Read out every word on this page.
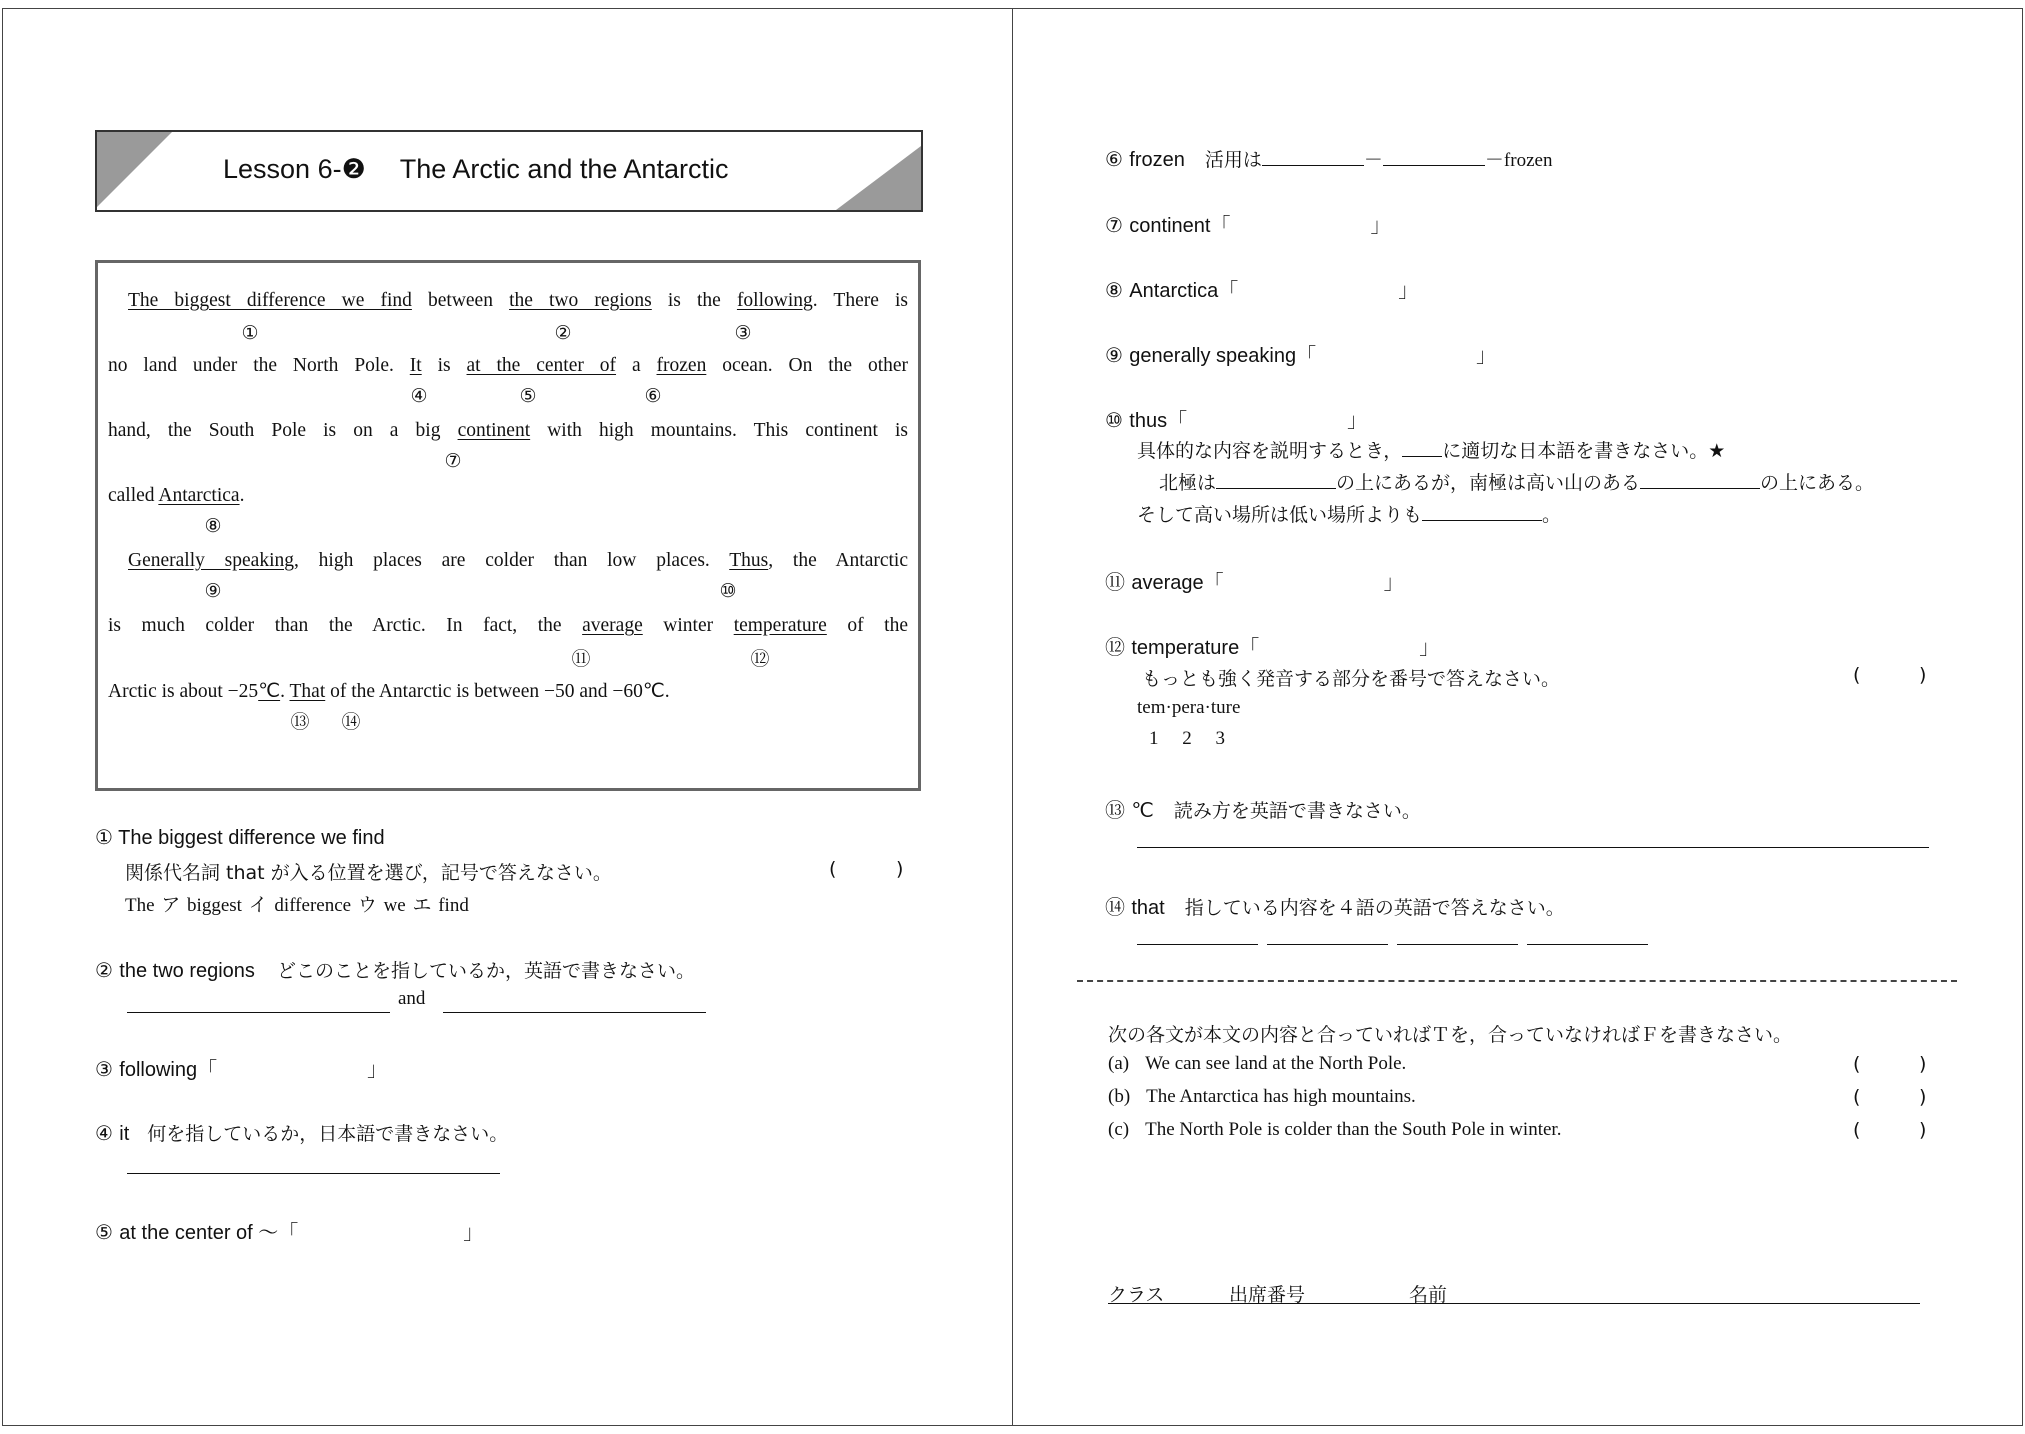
Lesson 6-❷ The Arctic and the Antarctic
The biggest difference we find between the two regions is the following. There is
①	②	③
no land under the North Pole. It is at the center of a frozen ocean. On the other
④	⑤	⑥
hand, the South Pole is on a big continent with high mountains. This continent is
⑦
called Antarctica.
⑧
Generally speaking, high places are colder than low places. Thus, the Antarctic
⑨	⑩
is much colder than the Arctic. In fact, the average winter temperature of the
⑪	⑫
Arctic is about −25℃. That of the Antarctic is between −50 and −60℃.
⑬ ⑭
① The biggest difference we find
関係代名詞 that が入る位置を選び，記号で答えなさい。	(	)
The ア biggest イ difference ウ we エ find
② the two regions どこのことを指しているか，英語で書きなさい。
and
③ following「	」
④ it 何を指しているか，日本語で書きなさい。
⑤ at the center of ～「	」
⑥ frozen 活用は	－	－frozen
⑦ continent「	」
⑧ Antarctica「	」
⑨ generally speaking「	」
⑩ thus「	」
具体的な内容を説明するとき， に適切な日本語を書きなさい。★
北極は	の上にあるが，南極は高い山のある	の上にある。
そして高い場所は低い場所よりも	。
⑪ average「	」
⑫ temperature「	」
もっとも強く発音する部分を番号で答えなさい。	(	)
tem·pera·ture
1     2     3
⑬ ℃ 読み方を英語で書きなさい。
⑭ that 指している内容を４語の英語で答えなさい。
次の各文が本文の内容と合っていればＴを，合っていなければＦを書きなさい。
(a) We can see land at the North Pole.	(	)
(b) The Antarctica has high mountains.	(	)
(c) The North Pole is colder than the South Pole in winter.	(	)
クラス	出席番号	名前
